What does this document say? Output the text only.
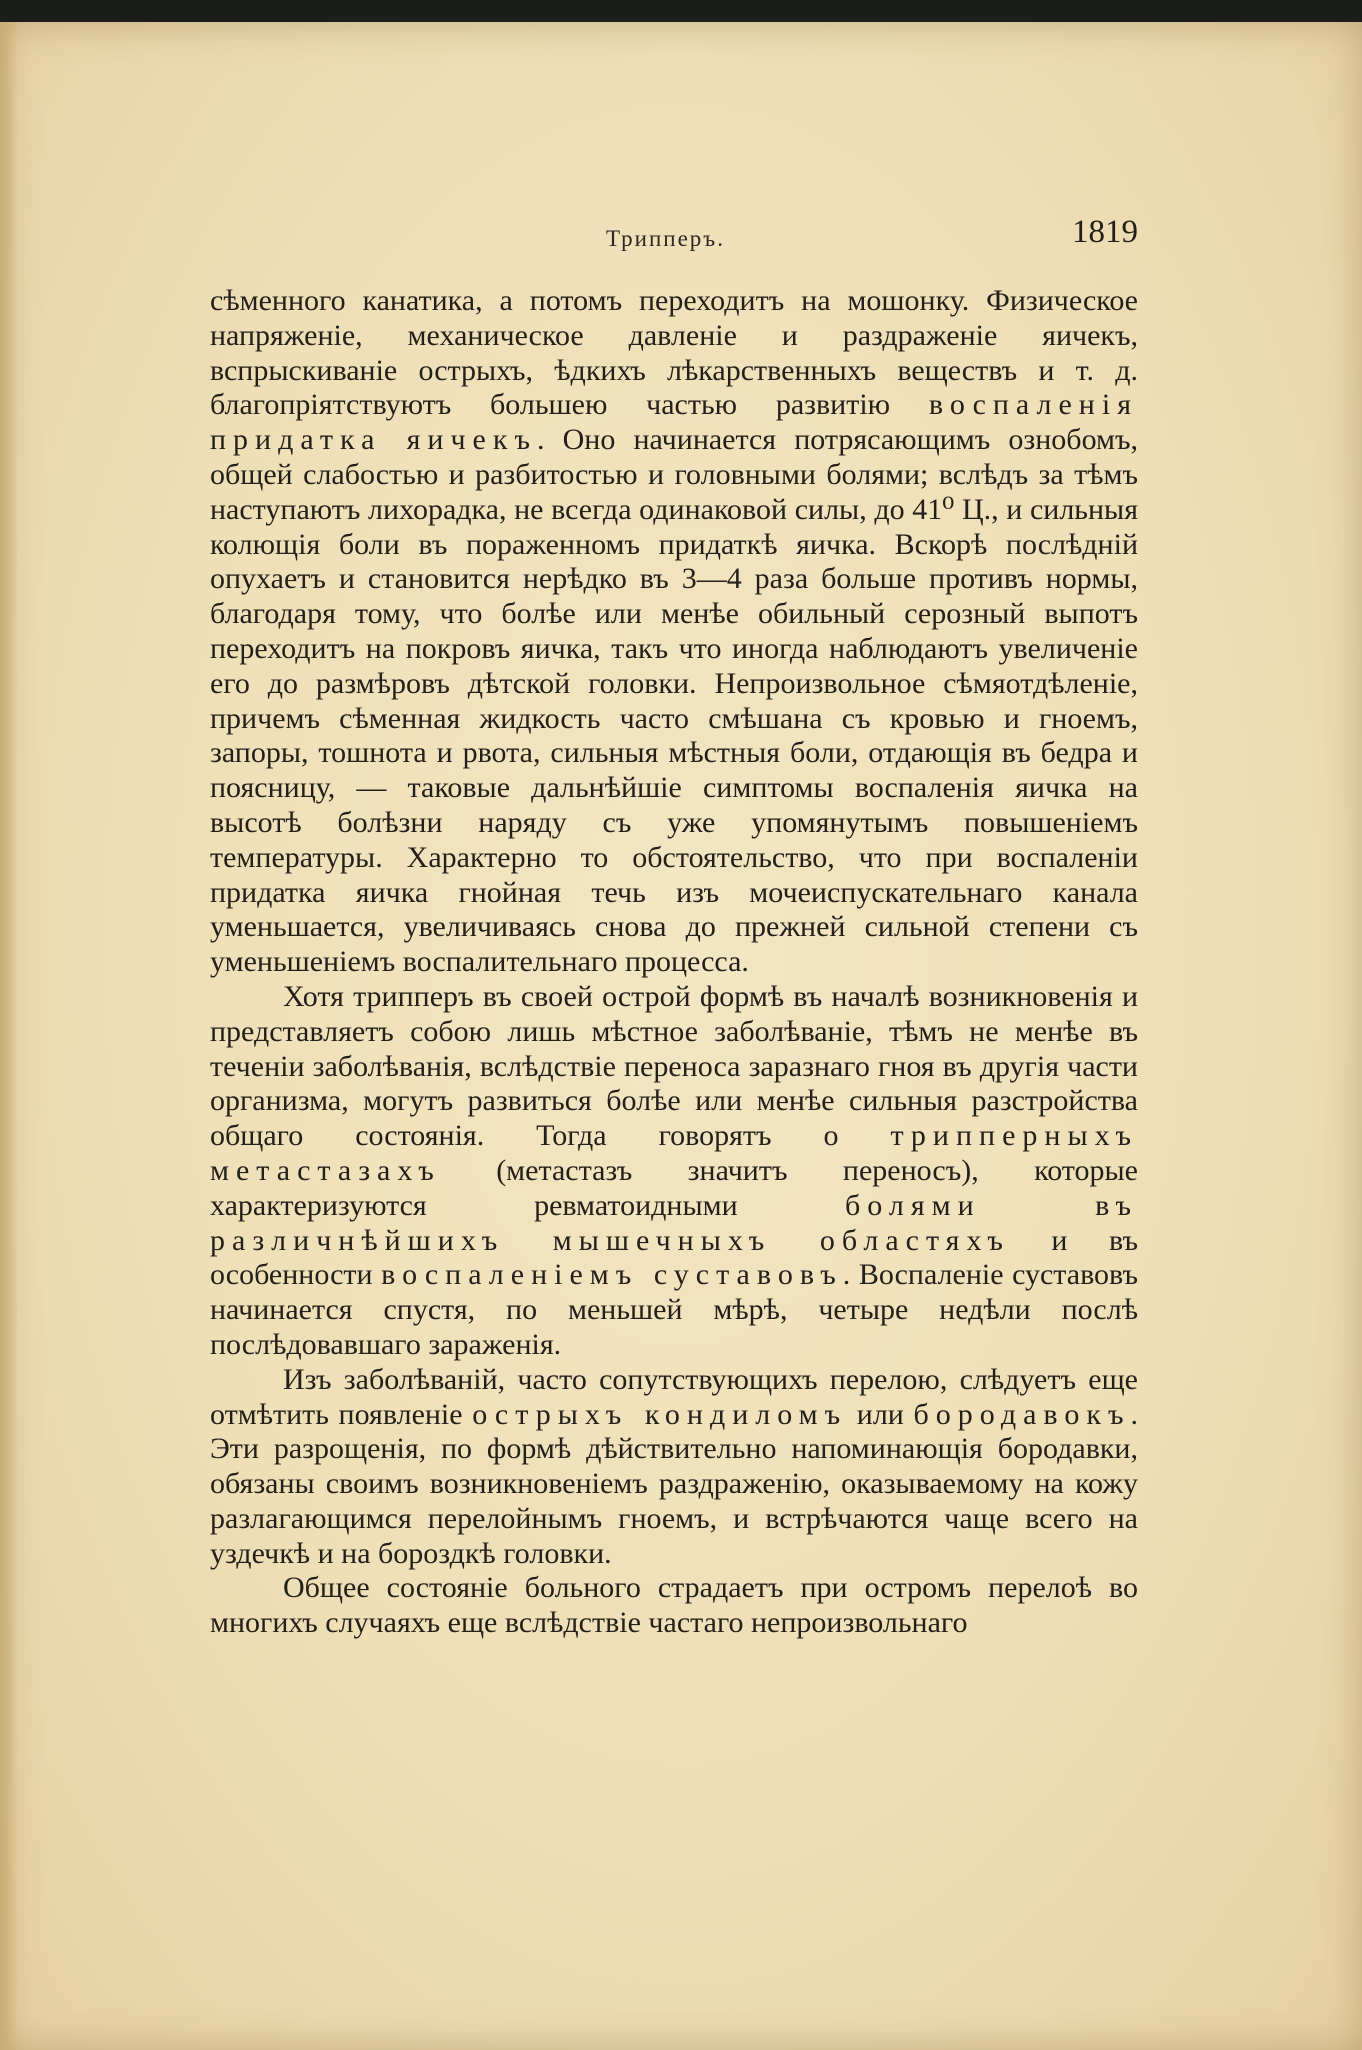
Трипперъ.	1819

сѣменного канатика, а потомъ переходитъ на мошонку. Физическое напряженіе, механическое давленіе и раздраженіе яичекъ, вспрыскиваніе острыхъ, ѣдкихъ лѣкарственныхъ веществъ и т. д. благопріятствуютъ большею частью развитію воспаленія придатка яичекъ. Оно начинается потрясающимъ ознобомъ, общей слабостью и разбитостью и головными болями; вслѣдъ за тѣмъ наступаютъ лихорадка, не всегда одинаковой силы, до 41⁰ Ц., и сильныя колющія боли въ пораженномъ придаткѣ яичка. Вскорѣ послѣдній опухаетъ и становится нерѣдко въ 3—4 раза больше противъ нормы, благодаря тому, что болѣе или менѣе обильный серозный выпотъ переходитъ на покровъ яичка, такъ что иногда наблюдаютъ увеличеніе его до размѣровъ дѣтской головки. Непроизвольное сѣмяотдѣленіе, причемъ сѣменная жидкость часто смѣшана съ кровью и гноемъ, запоры, тошнота и рвота, сильныя мѣстныя боли, отдающія въ бедра и поясницу, — таковые дальнѣйшіе симптомы воспаленія яичка на высотѣ болѣзни наряду съ уже упомянутымъ повышеніемъ температуры. Характерно то обстоятельство, что при воспаленіи придатка яичка гнойная течь изъ мочеиспускательнаго канала уменьшается, увеличиваясь снова до прежней сильной степени съ уменьшеніемъ воспалительнаго процесса.

Хотя трипперъ въ своей острой формѣ въ началѣ возникновенія и представляетъ собою лишь мѣстное заболѣваніе, тѣмъ не менѣе въ теченіи заболѣванія, вслѣдствіе переноса заразнаго гноя въ другія части организма, могутъ развиться болѣе или менѣе сильныя разстройства общаго состоянія. Тогда говорятъ о трипперныхъ метастазахъ (метастазъ значитъ переносъ), которые характеризуются ревматоидными болями въ различнѣйшихъ мышечныхъ областяхъ и въ особенности воспаленіемъ суставовъ. Воспаленіе суставовъ начинается спустя, по меньшей мѣрѣ, четыре недѣли послѣ послѣдовавшаго зараженія.

Изъ заболѣваній, часто сопутствующихъ перелою, слѣдуетъ еще отмѣтить появленіе острыхъ кондиломъ или бородавокъ. Эти разрощенія, по формѣ дѣйствительно напоминающія бородавки, обязаны своимъ возникновеніемъ раздраженію, оказываемому на кожу разлагающимся перелойнымъ гноемъ, и встрѣчаются чаще всего на уздечкѣ и на бороздкѣ головки.

Общее состояніе больного страдаетъ при остромъ перелоѣ во многихъ случаяхъ еще вслѣдствіе частаго непроизвольнаго
